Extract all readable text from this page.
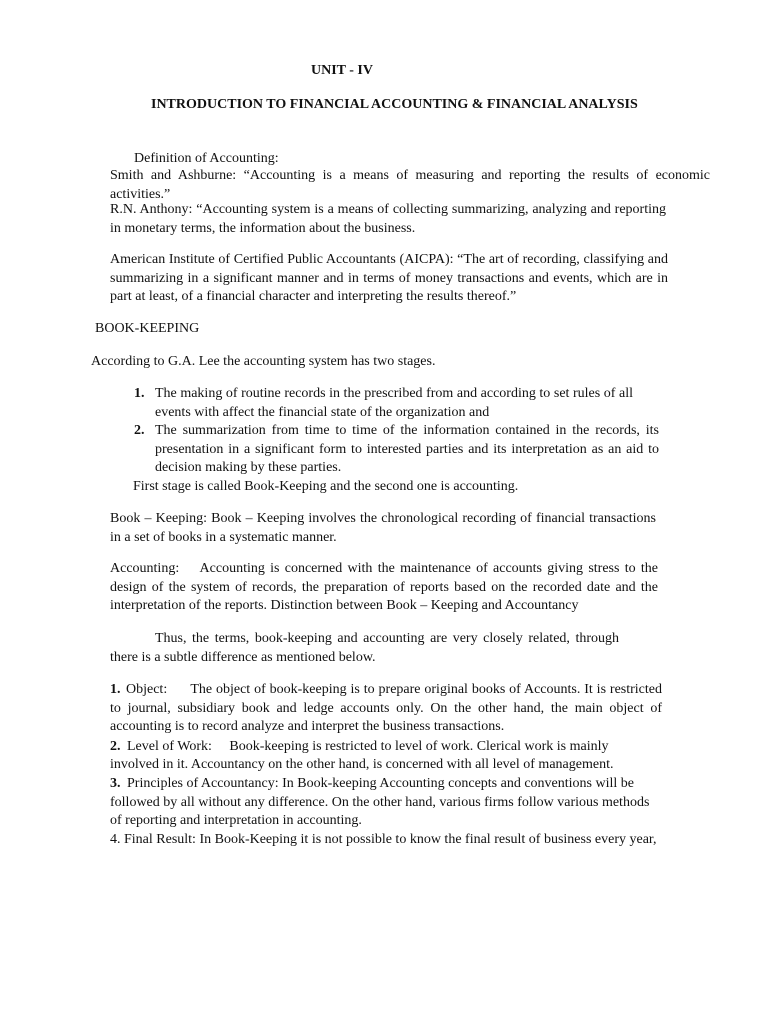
UNIT - IV
INTRODUCTION TO FINANCIAL ACCOUNTING & FINANCIAL ANALYSIS
Definition of Accounting:
Smith and Ashburne: “Accounting is a means of measuring and reporting the results of economic activities.”
R.N. Anthony: “Accounting system is a means of collecting summarizing, analyzing and reporting in monetary terms, the information about the business.
American Institute of Certified Public Accountants (AICPA): “The art of recording, classifying and summarizing in a significant manner and in terms of money transactions and events, which are in part at least, of a financial character and interpreting the results thereof.”
BOOK-KEEPING
According to G.A. Lee the accounting system has two stages.
1. The making of routine records in the prescribed from and according to set rules of all events with affect the financial state of the organization and
2. The summarization from time to time of the information contained in the records, its presentation in a significant form to interested parties and its interpretation as an aid to decision making by these parties.
First stage is called Book-Keeping and the second one is accounting.
Book – Keeping: Book – Keeping involves the chronological recording of financial transactions in a set of books in a systematic manner.
Accounting:    Accounting is concerned with the maintenance of accounts giving stress to the design of the system of records, the preparation of reports based on the recorded date and the interpretation of the reports. Distinction between Book – Keeping and Accountancy
Thus, the terms, book-keeping and accounting are very closely related, through
there is a subtle difference as mentioned below.
1. Object:      The object of book-keeping is to prepare original books of Accounts. It is restricted to journal, subsidiary book and ledge accounts only. On the other hand, the main object of accounting is to record analyze and interpret the business transactions.
2. Level of Work:     Book-keeping is restricted to level of work. Clerical work is mainly
involved in it. Accountancy on the other hand, is concerned with all level of management.
3. Principles of Accountancy: In Book-keeping Accounting concepts and conventions will be
followed by all without any difference. On the other hand, various firms follow various methods
of reporting and interpretation in accounting.
4. Final Result: In Book-Keeping it is not possible to know the final result of business every year,
